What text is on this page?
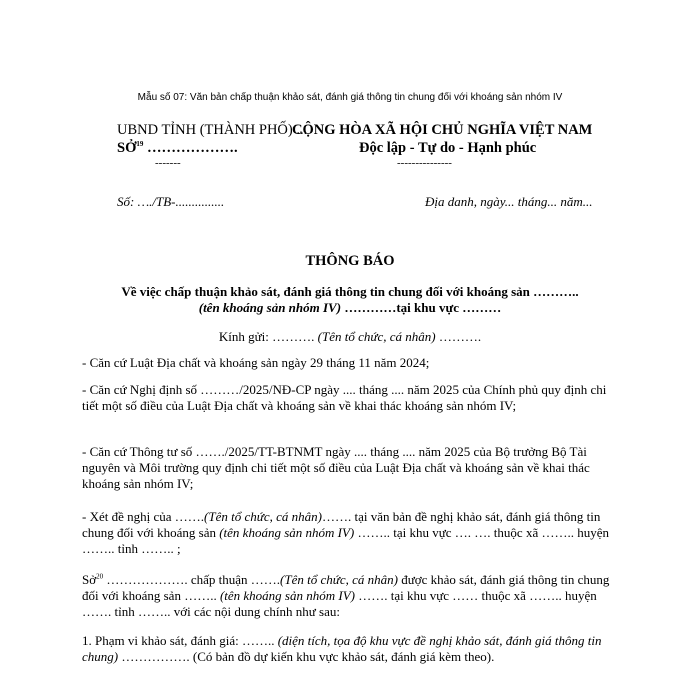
Mẫu số 07: Văn bản chấp thuận khảo sát, đánh giá thông tin chung đối với khoáng sản nhóm IV
UBND TỈNH (THÀNH PHỐ) ...
SỞ$^{19}$ ……………….
-------
CỘNG HÒA XÃ HỘI CHỦ NGHĨA VIỆT NAM
Độc lập - Tự do - Hạnh phúc
---------------
Số: …./TB-...............	Địa danh, ngày... tháng... năm...
THÔNG BÁO
Về việc chấp thuận khảo sát, đánh giá thông tin chung đối với khoáng sản ………..
(tên khoáng sản nhóm IV) …………tại khu vực ………
Kính gửi: ………. (Tên tổ chức, cá nhân) ……….
- Căn cứ Luật Địa chất và khoáng sản ngày 29 tháng 11 năm 2024;
- Căn cứ Nghị định số ………/2025/NĐ-CP ngày .... tháng .... năm 2025 của Chính phủ quy định chi tiết một số điều của Luật Địa chất và khoáng sản về khai thác khoáng sản nhóm IV;
- Căn cứ Thông tư số ……./2025/TT-BTNMT ngày .... tháng .... năm 2025 của Bộ trưởng Bộ Tài nguyên và Môi trường quy định chi tiết một số điều của Luật Địa chất và khoáng sản về khai thác khoáng sản nhóm IV;
- Xét đề nghị của …….(Tên tổ chức, cá nhân)……. tại văn bản đề nghị khảo sát, đánh giá thông tin chung đối với khoáng sản (tên khoáng sản nhóm IV) …….. tại khu vực …. …. thuộc xã …….. huyện …….. tỉnh …….. ;
Sở$^{20}$ ………………. chấp thuận …….(Tên tổ chức, cá nhân) được khảo sát, đánh giá thông tin chung đối với khoáng sản …….. (tên khoáng sản nhóm IV) ……. tại khu vực …… thuộc xã …….. huyện ……. tỉnh …….. với các nội dung chính như sau:
1. Phạm vi khảo sát, đánh giá: …….. (diện tích, tọa độ khu vực đề nghị khảo sát, đánh giá thông tin chung) ……………. (Có bản đồ dự kiến khu vực khảo sát, đánh giá kèm theo).
